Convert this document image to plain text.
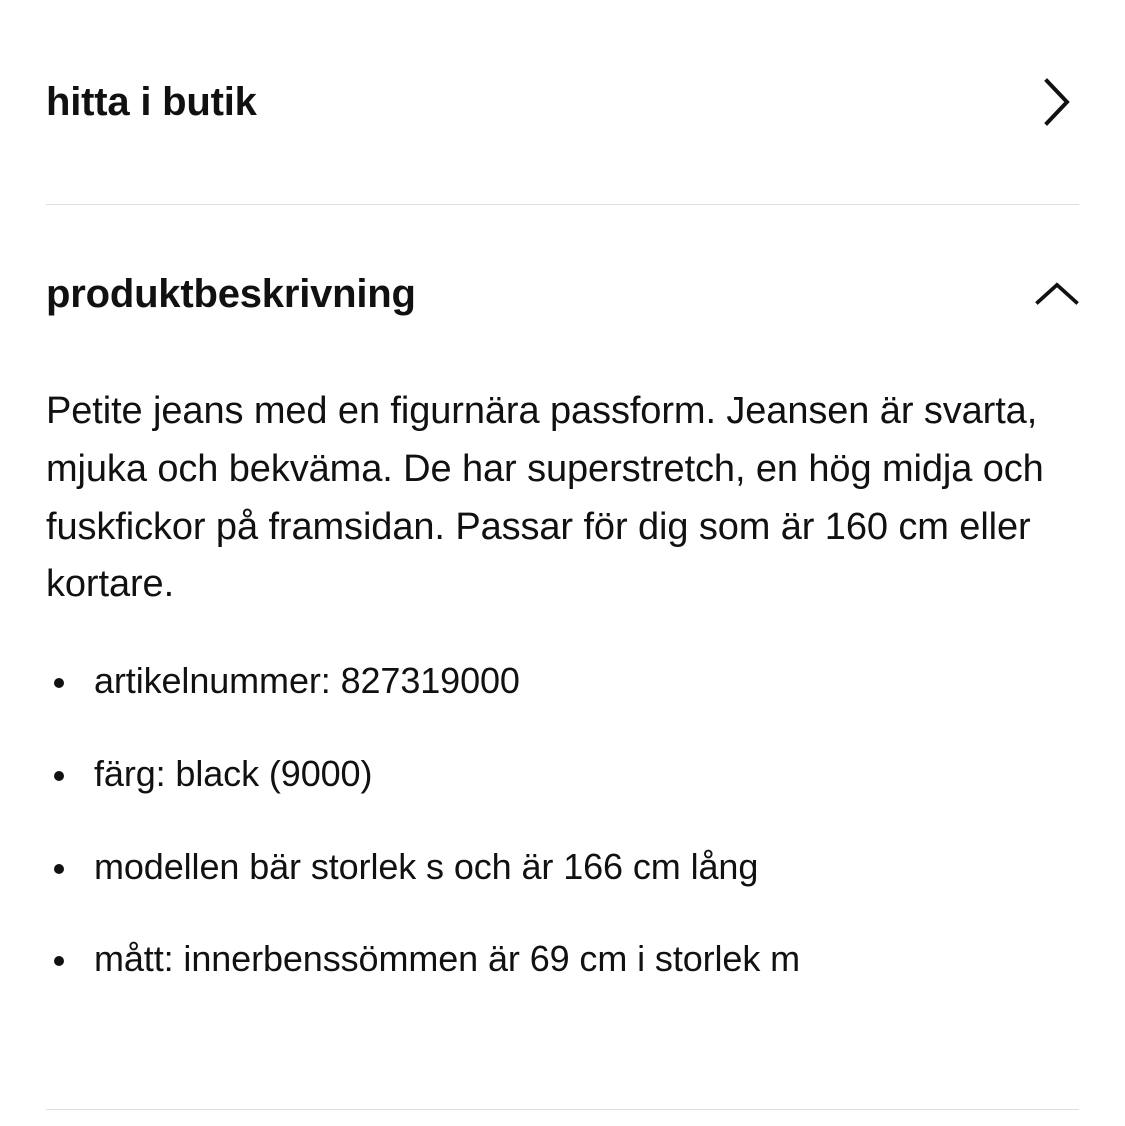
hitta i butik
produktbeskrivning

Petite jeans med en figurnära passform. Jeansen är svarta, mjuka och bekväma. De har superstretch, en hög midja och fuskfickor på framsidan. Passar för dig som är 160 cm eller kortare.

artikelnummer: 827319000
färg: black (9000)
modellen bär storlek s och är 166 cm lång
mått: innerbenssömmen är 69 cm i storlek m
